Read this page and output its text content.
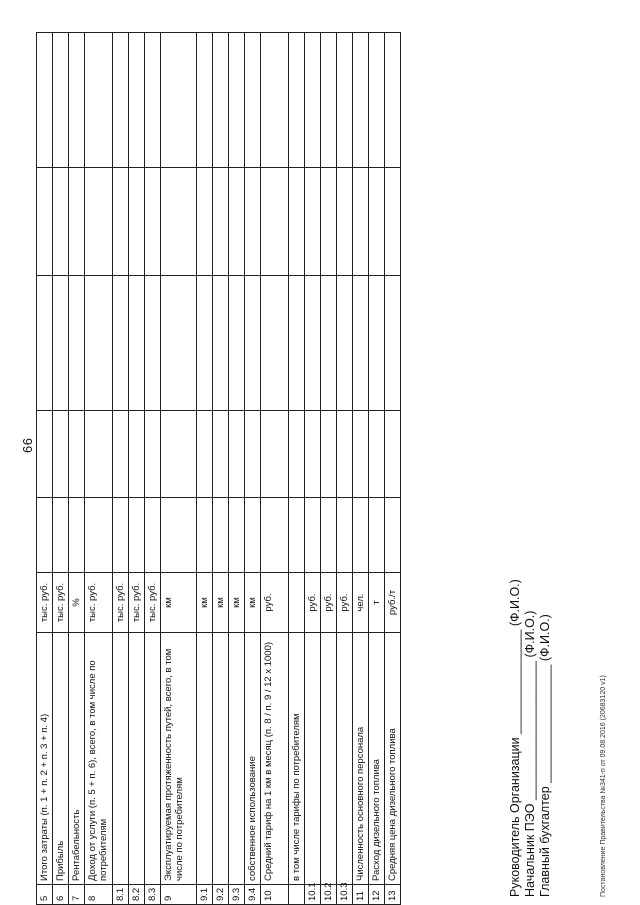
66
5	Итого затраты (п. 1 + п. 2 + п. 3 + п. 4)	тыс. руб.					
6	Прибыль	тыс. руб.					
7	Рентабельность	%					
8	Доход от услуги (п. 5 + п. 6), всего, в том числе по потребителям	тыс. руб.					
8.1		тыс. руб.					
8.2		тыс. руб.					
8.3		тыс. руб.					
9	Эксплуатируемая протяженность путей, всего, в том числе по потребителям	км					
9.1		км					
9.2		км					
9.3		км					
9.4	собственное использование	км					
10	Средний тариф на 1 км в месяц (п. 8 / п. 9 / 12 x 1000)	руб.					
	в том числе тарифы по потребителям						
10.1		руб.					
10.2		руб.					
10.3		руб.					
11	Численность основного персонала	чел.					
12	Расход дизельного топлива	т					
13	Средняя цена дизельного топлива	руб./т					
Руководитель Организации _______________ (Ф.И.О.)
Начальник ПЭО ____________________ (Ф.И.О.)
Главный бухгалтер _________________ (Ф.И.О.)
Постановление Правительства №341-п от 09.08.2016 (20683120 v1)
